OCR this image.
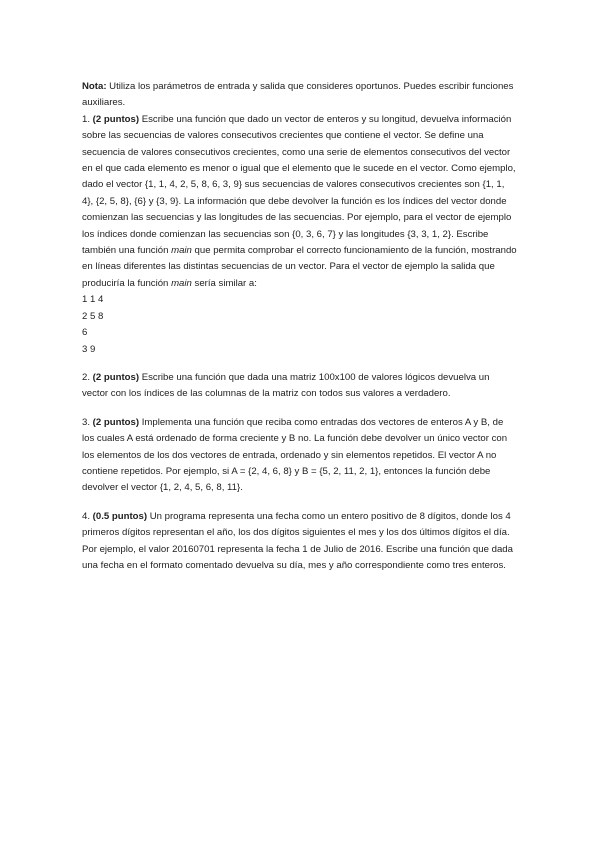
Nota: Utiliza los parámetros de entrada y salida que consideres oportunos. Puedes escribir funciones auxiliares.

1. (2 puntos) Escribe una función que dado un vector de enteros y su longitud, devuelva información sobre las secuencias de valores consecutivos crecientes que contiene el vector. Se define una secuencia de valores consecutivos crecientes, como una serie de elementos consecutivos del vector en el que cada elemento es menor o igual que el elemento que le sucede en el vector. Como ejemplo, dado el vector {1, 1, 4, 2, 5, 8, 6, 3, 9} sus secuencias de valores consecutivos crecientes son {1, 1, 4}, {2, 5, 8}, {6} y {3, 9}. La información que debe devolver la función es los índices del vector donde comienzan las secuencias y las longitudes de las secuencias. Por ejemplo, para el vector de ejemplo los índices donde comienzan las secuencias son {0, 3, 6, 7} y las longitudes {3, 3, 1, 2}. Escribe también una función main que permita comprobar el correcto funcionamiento de la función, mostrando en líneas diferentes las distintas secuencias de un vector. Para el vector de ejemplo la salida que produciría la función main sería similar a:

1 1 4

2 5 8

6

3 9

2. (2 puntos) Escribe una función que dada una matriz 100x100 de valores lógicos devuelva un vector con los índices de las columnas de la matriz con todos sus valores a verdadero.

3. (2 puntos) Implementa una función que reciba como entradas dos vectores de enteros A y B, de los cuales A está ordenado de forma creciente y B no. La función debe devolver un único vector con los elementos de los dos vectores de entrada, ordenado y sin elementos repetidos. El vector A no contiene repetidos. Por ejemplo, si A = {2, 4, 6, 8} y B = {5, 2, 11, 2, 1}, entonces la función debe devolver el vector {1, 2, 4, 5, 6, 8, 11}.

4. (0.5 puntos) Un programa representa una fecha como un entero positivo de 8 dígitos, donde los 4 primeros dígitos representan el año, los dos dígitos siguientes el mes y los dos últimos dígitos el día. Por ejemplo, el valor 20160701 representa la fecha 1 de Julio de 2016. Escribe una función que dada una fecha en el formato comentado devuelva su día, mes y año correspondiente como tres enteros.
